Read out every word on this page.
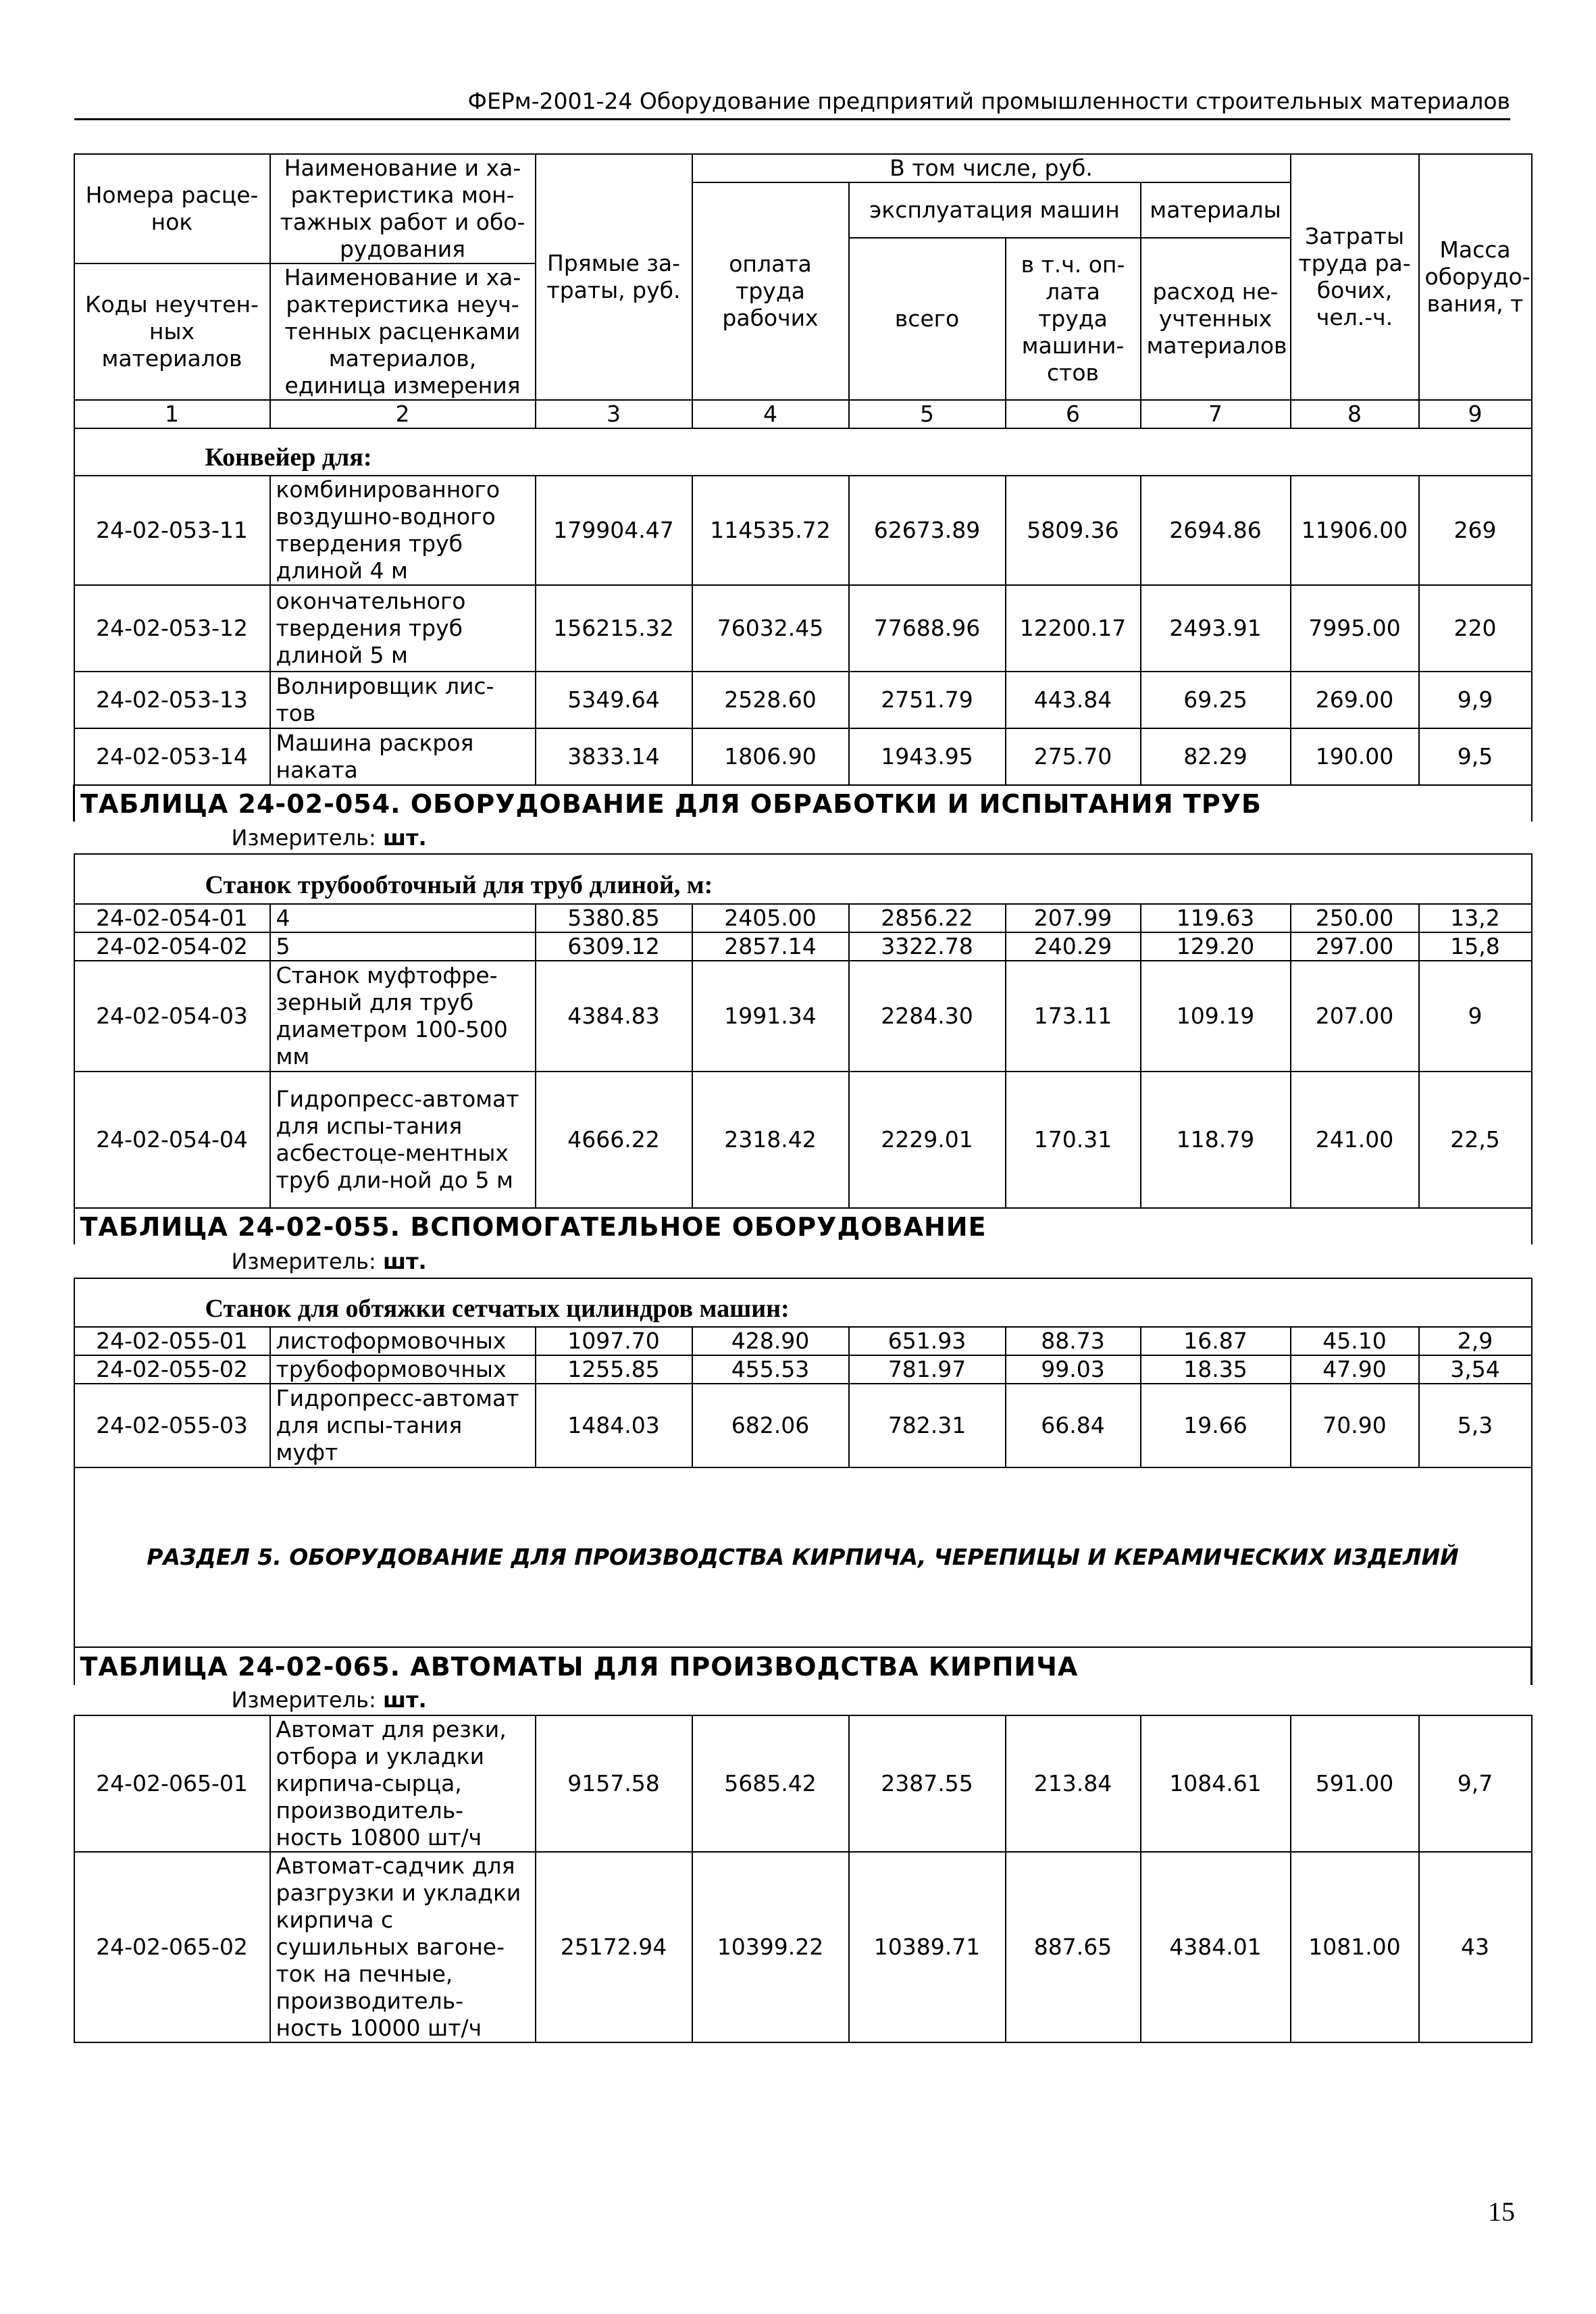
ФЕРм-2001-24 Оборудование предприятий промышленности строительных материалов
Номера расце-нок	Наименование и ха-рактеристика мон-тажных работ и обо-рудования	Прямые за-траты, руб.	В том числе, руб.				Затраты труда ра-бочих, чел.-ч.	Масса оборудо-вания, т
			оплата труда рабочих	эксплуатация машин		материалы		
				всего	в т.ч. оп-лата труда машини-стов	расход не-учтенных материалов		
Коды неучтен-ных материалов	Наименование и ха-рактеристика неуч-тенных расценками материалов, единица измерения							

1	2	3	4	5	6	7	8	9

Конвейер для:								

24-02-053-11	комбинированного воздушно-водного твердения труб длиной 4 м	179904.47	114535.72	62673.89	5809.36	2694.86	11906.00	269
24-02-053-12	окончательного твердения труб длиной 5 м	156215.32	76032.45	77688.96	12200.17	2493.91	7995.00	220
24-02-053-13	Волнировщик лис-тов	5349.64	2528.60	2751.79	443.84	69.25	269.00	9,9
24-02-053-14	Машина раскроя наката	3833.14	1806.90	1943.95	275.70	82.29	190.00	9,5

ТАБЛИЦА 24-02-054. ОБОРУДОВАНИЕ ДЛЯ ОБРАБОТКИ И ИСПЫТАНИЯ ТРУБ								

Измеритель: шт.								

Станок трубообточный для труб длиной, м:								

24-02-054-01	4	5380.85	2405.00	2856.22	207.99	119.63	250.00	13,2
24-02-054-02	5	6309.12	2857.14	3322.78	240.29	129.20	297.00	15,8
24-02-054-03	Станок муфтофре-зерный для труб диаметром 100-500 мм	4384.83	1991.34	2284.30	173.11	109.19	207.00	9
24-02-054-04	Гидропресс-автомат для испы-тания асбестоце-ментных труб дли-ной до 5 м	4666.22	2318.42	2229.01	170.31	118.79	241.00	22,5

ТАБЛИЦА 24-02-055. ВСПОМОГАТЕЛЬНОЕ ОБОРУДОВАНИЕ								

Измеритель: шт.								

Станок для обтяжки сетчатых цилиндров машин:								

24-02-055-01	листоформовочных	1097.70	428.90	651.93	88.73	16.87	45.10	2,9
24-02-055-02	трубоформовочных	1255.85	455.53	781.97	99.03	18.35	47.90	3,54
24-02-055-03	Гидропресс-автомат для испы-тания муфт	1484.03	682.06	782.31	66.84	19.66	70.90	5,3
РАЗДЕЛ 5. ОБОРУДОВАНИЕ ДЛЯ ПРОИЗВОДСТВА КИРПИЧА, ЧЕРЕПИЦЫ И КЕРАМИЧЕСКИХ ИЗДЕЛИЙ								

ТАБЛИЦА 24-02-065. АВТОМАТЫ ДЛЯ ПРОИЗВОДСТВА КИРПИЧА								

Измеритель: шт.								

24-02-065-01	Автомат для резки, отбора и укладки кирпича-сырца, производитель-ность 10800 шт/ч	9157.58	5685.42	2387.55	213.84	1084.61	591.00	9,7
24-02-065-02	Автомат-садчик для разгрузки и укладки кирпича с сушильных вагоне-ток на печные, производитель-ность 10000 шт/ч	25172.94	10399.22	10389.71	887.65	4384.01	1081.00	43
15
